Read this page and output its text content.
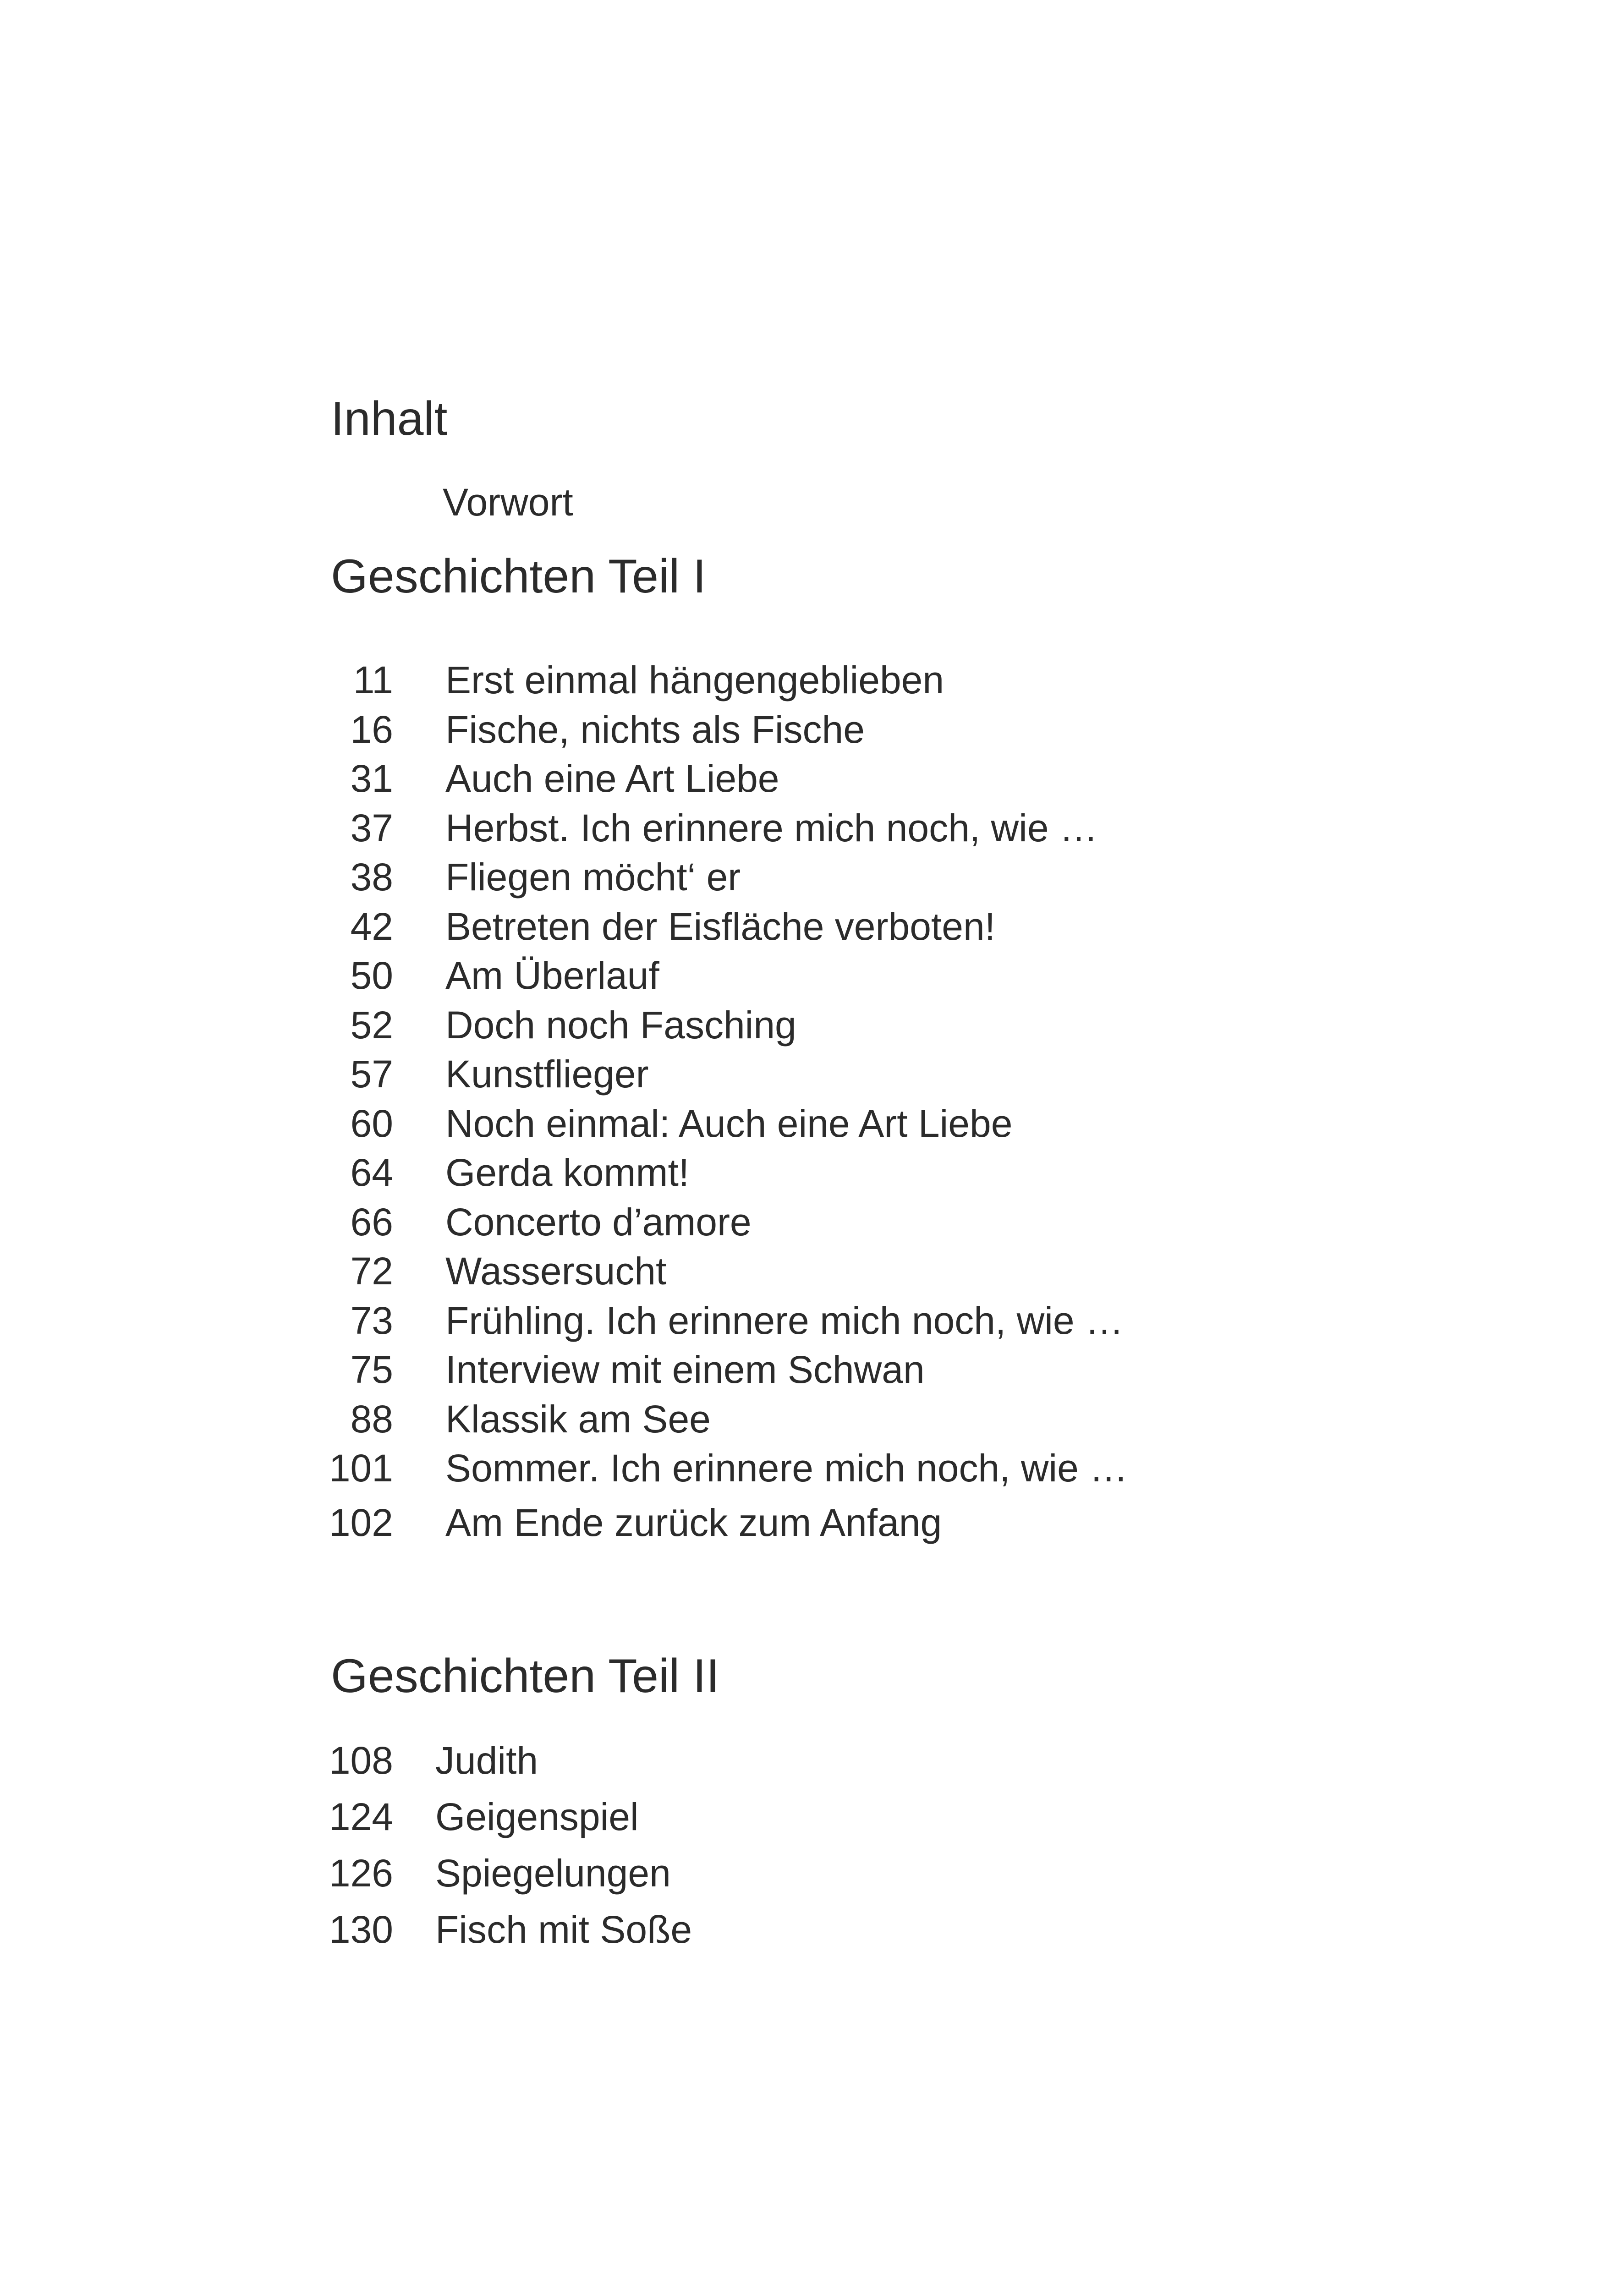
Inhalt
Vorwort
Geschichten Teil I
11 Erst einmal hängengeblieben
16 Fische, nichts als Fische
31 Auch eine Art Liebe
37 Herbst. Ich erinnere mich noch, wie …
38 Fliegen möcht‘ er
42 Betreten der Eisfläche verboten!
50 Am Überlauf
52 Doch noch Fasching
57 Kunstflieger
60 Noch einmal: Auch eine Art Liebe
64 Gerda kommt!
66 Concerto d’amore
72 Wassersucht
73 Frühling. Ich erinnere mich noch, wie …
75 Interview mit einem Schwan
88 Klassik am See
101 Sommer. Ich erinnere mich noch, wie …
102 Am Ende zurück zum Anfang
Geschichten Teil II
108 Judith
124 Geigenspiel
126 Spiegelungen
130 Fisch mit Soße
